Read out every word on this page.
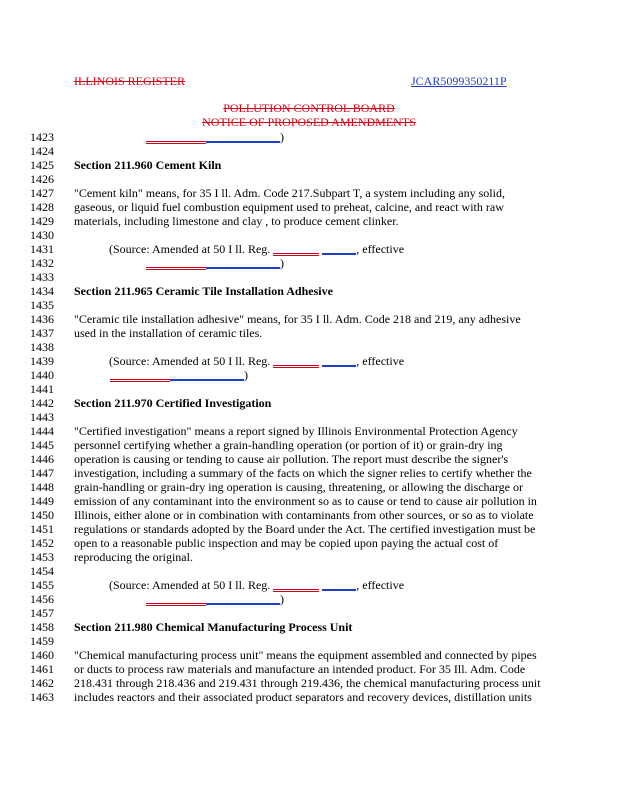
ILLINOIS REGISTER	JCAR5099350211P
POLLUTION CONTROL BOARD
NOTICE OF PROPOSED AMENDMENTS
1423	)
1424
1425	Section 211.960 Cement Kiln
1426
1427	"Cement kiln" means, for 35 I ll. Adm. Code 217.Subpart T, a system including any solid,
1428	gaseous, or liquid fuel combustion equipment used to preheat, calcine, and react with raw
1429	materials, including limestone and clay , to produce cement clinker.
1430
1431	(Source: Amended at 50 I ll. Reg.	, effective
1432	)
1433
1434	Section 211.965 Ceramic Tile Installation Adhesive
1435
1436	"Ceramic tile installation adhesive" means, for 35 I ll. Adm. Code 218 and 219, any adhesive
1437	used in the installation of ceramic tiles.
1438
1439	(Source: Amended at 50 I ll. Reg.	, effective
1440	)
1441
1442	Section 211.970 Certified Investigation
1443
1444	"Certified investigation" means a report signed by Illinois Environmental Protection Agency
1445	personnel certifying whether a grain-handling operation (or portion of it) or grain-dry ing
1446	operation is causing or tending to cause air pollution. The report must describe the signer's
1447	investigation, including a summary of the facts on which the signer relies to certify whether the
1448	grain-handling or grain-dry ing operation is causing, threatening, or allowing the discharge or
1449	emission of any contaminant into the environment so as to cause or tend to cause air pollution in
1450	Illinois, either alone or in combination with contaminants from other sources, or so as to violate
1451	regulations or standards adopted by the Board under the Act. The certified investigation must be
1452	open to a reasonable public inspection and may be copied upon paying the actual cost of
1453	reproducing the original.
1454
1455	(Source: Amended at 50 I ll. Reg.	, effective
1456	)
1457
1458	Section 211.980 Chemical Manufacturing Process Unit
1459
1460	"Chemical manufacturing process unit" means the equipment assembled and connected by pipes
1461	or ducts to process raw materials and manufacture an intended product. For 35 Ill. Adm. Code
1462	218.431 through 218.436 and 219.431 through 219.436, the chemical manufacturing process unit
1463	includes reactors and their associated product separators and recovery devices, distillation units
